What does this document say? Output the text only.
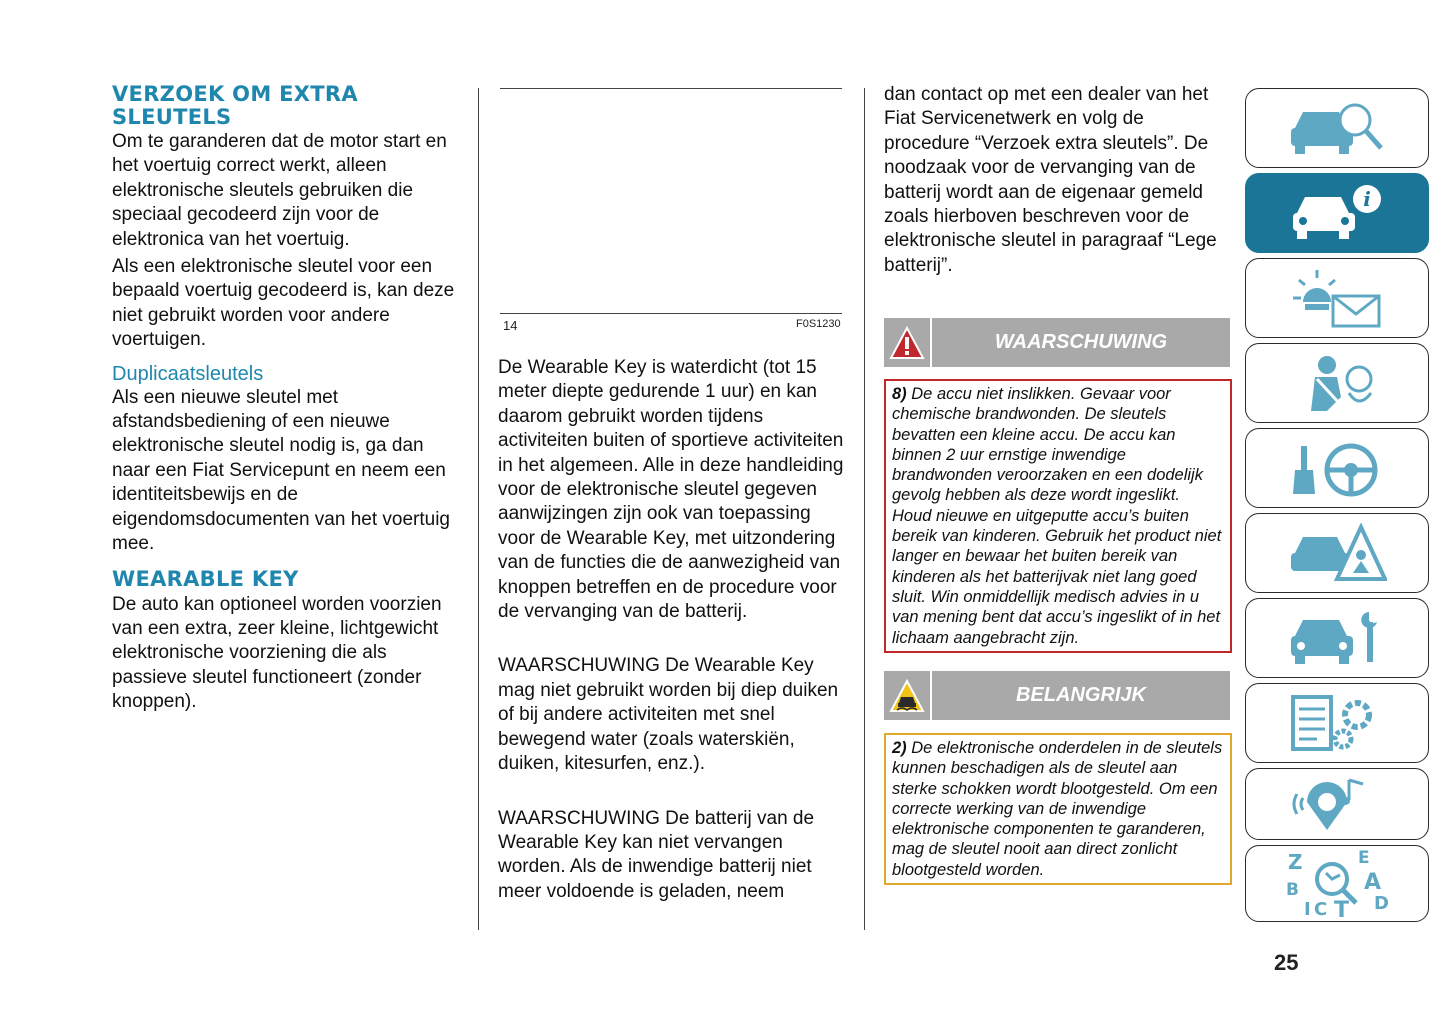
VERZOEK OM EXTRA SLEUTELS

Om te garanderen dat de motor start en het voertuig correct werkt, alleen elektronische sleutels gebruiken die speciaal gecodeerd zijn voor de elektronica van het voertuig.

Als een elektronische sleutel voor een bepaald voertuig gecodeerd is, kan deze niet gebruikt worden voor andere voertuigen.

Duplicaatsleutels

Als een nieuwe sleutel met afstandsbediening of een nieuwe elektronische sleutel nodig is, ga dan naar een Fiat Servicepunt en neem een identiteitsbewijs en de eigendomsdocumenten van het voertuig mee.

WEARABLE KEY

De auto kan optioneel worden voorzien van een extra, zeer kleine, lichtgewicht elektronische voorziening die als passieve sleutel functioneert (zonder knoppen).

14	F0S1230

De Wearable Key is waterdicht (tot 15 meter diepte gedurende 1 uur) en kan daarom gebruikt worden tijdens activiteiten buiten of sportieve activiteiten in het algemeen. Alle in deze handleiding voor de elektronische sleutel gegeven aanwijzingen zijn ook van toepassing voor de Wearable Key, met uitzondering van de functies die de aanwezigheid van knoppen betreffen en de procedure voor de vervanging van de batterij.

WAARSCHUWING De Wearable Key mag niet gebruikt worden bij diep duiken of bij andere activiteiten met snel bewegend water (zoals waterskiën, duiken, kitesurfen, enz.).

WAARSCHUWING De batterij van de Wearable Key kan niet vervangen worden. Als de inwendige batterij niet meer voldoende is geladen, neem

dan contact op met een dealer van het Fiat Servicenetwerk en volg de procedure “Verzoek extra sleutels”. De noodzaak voor de vervanging van de batterij wordt aan de eigenaar gemeld zoals hierboven beschreven voor de elektronische sleutel in paragraaf “Lege batterij”.

WAARSCHUWING
8) De accu niet inslikken. Gevaar voor chemische brandwonden. De sleutels bevatten een kleine accu. De accu kan binnen 2 uur ernstige inwendige brandwonden veroorzaken en een dodelijk gevolg hebben als deze wordt ingeslikt. Houd nieuwe en uitgeputte accu’s buiten bereik van kinderen. Gebruik het product niet langer en bewaar het buiten bereik van kinderen als het batterijvak niet lang goed sluit. Win onmiddellijk medisch advies in u van mening bent dat accu’s ingeslikt of in het lichaam aangebracht zijn.
BELANGRIJK
2) De elektronische onderdelen in de sleutels kunnen beschadigen als de sleutel aan sterke schokken wordt blootgesteld. Om een correcte werking van de inwendige elektronische componenten te garanderen, mag de sleutel nooit aan direct zonlicht blootgesteld worden.
i
Z	E
A
B
C	D
I T
25
